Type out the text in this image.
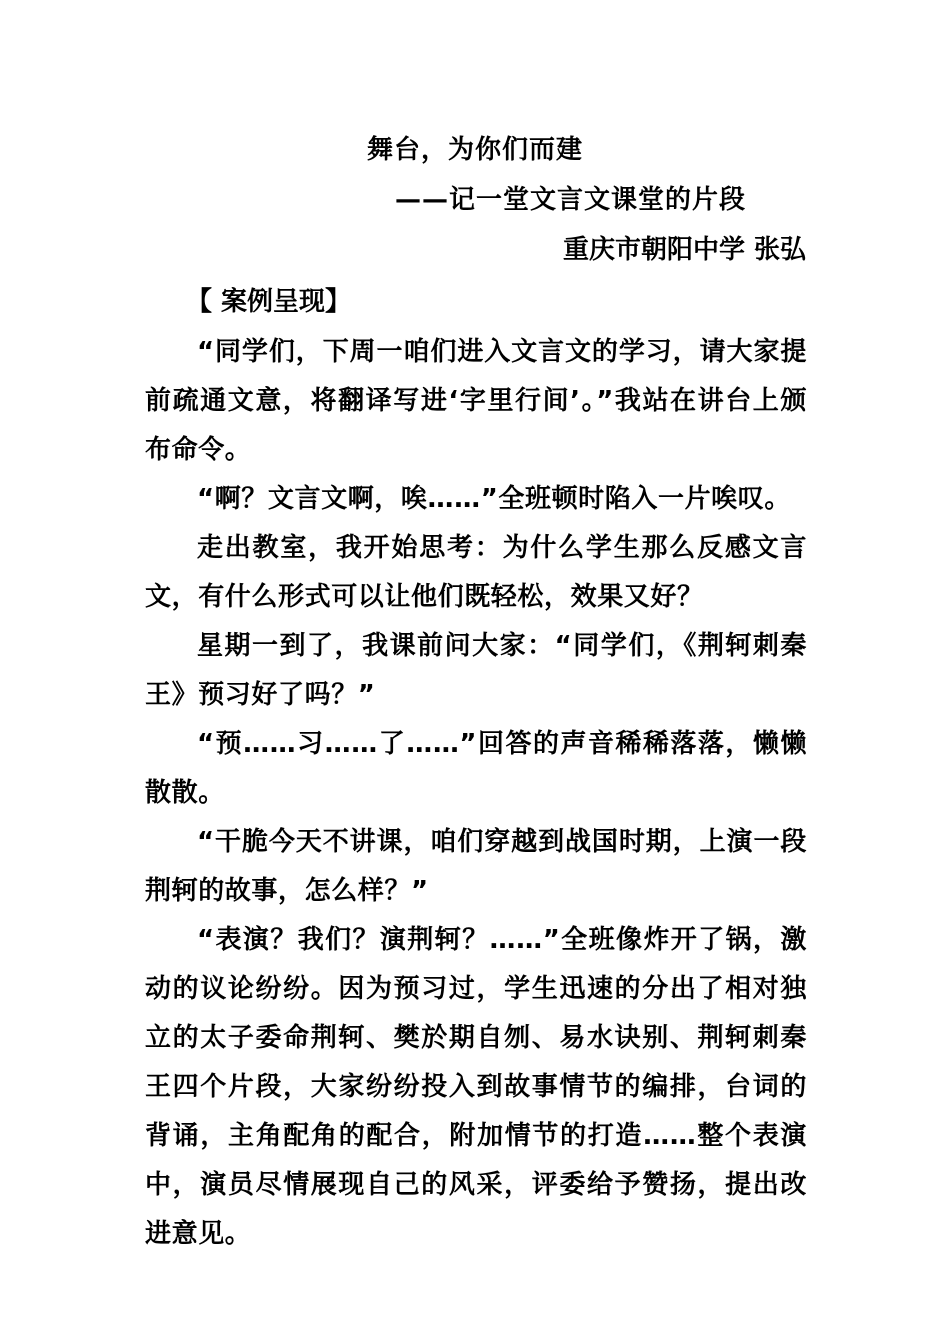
舞台，为你们而建
——记一堂文言文课堂的片段
重庆市朝阳中学 张弘
【 案例呈现】

“同学们，下周一咱们进入文言文的学习，请大家提前疏通文意，将翻译写进‘字里行间’。”我站在讲台上颁布命令。

“啊？文言文啊，唉……”全班顿时陷入一片唉叹。

走出教室，我开始思考：为什么学生那么反感文言文，有什么形式可以让他们既轻松，效果又好？

星期一到了，我课前问大家：“同学们，《荆轲刺秦王》预习好了吗？”

“预……习……了……”回答的声音稀稀落落，懒懒散散。

“干脆今天不讲课，咱们穿越到战国时期，上演一段荆轲的故事，怎么样？”

“表演？我们？演荆轲？……”全班像炸开了锅，激动的议论纷纷。因为预习过，学生迅速的分出了相对独立的太子委命荆轲、樊於期自刎、易水诀别、荆轲刺秦王四个片段，大家纷纷投入到故事情节的编排，台词的背诵，主角配角的配合，附加情节的打造……整个表演中，演员尽情展现自己的风采，评委给予赞扬，提出改进意见。
